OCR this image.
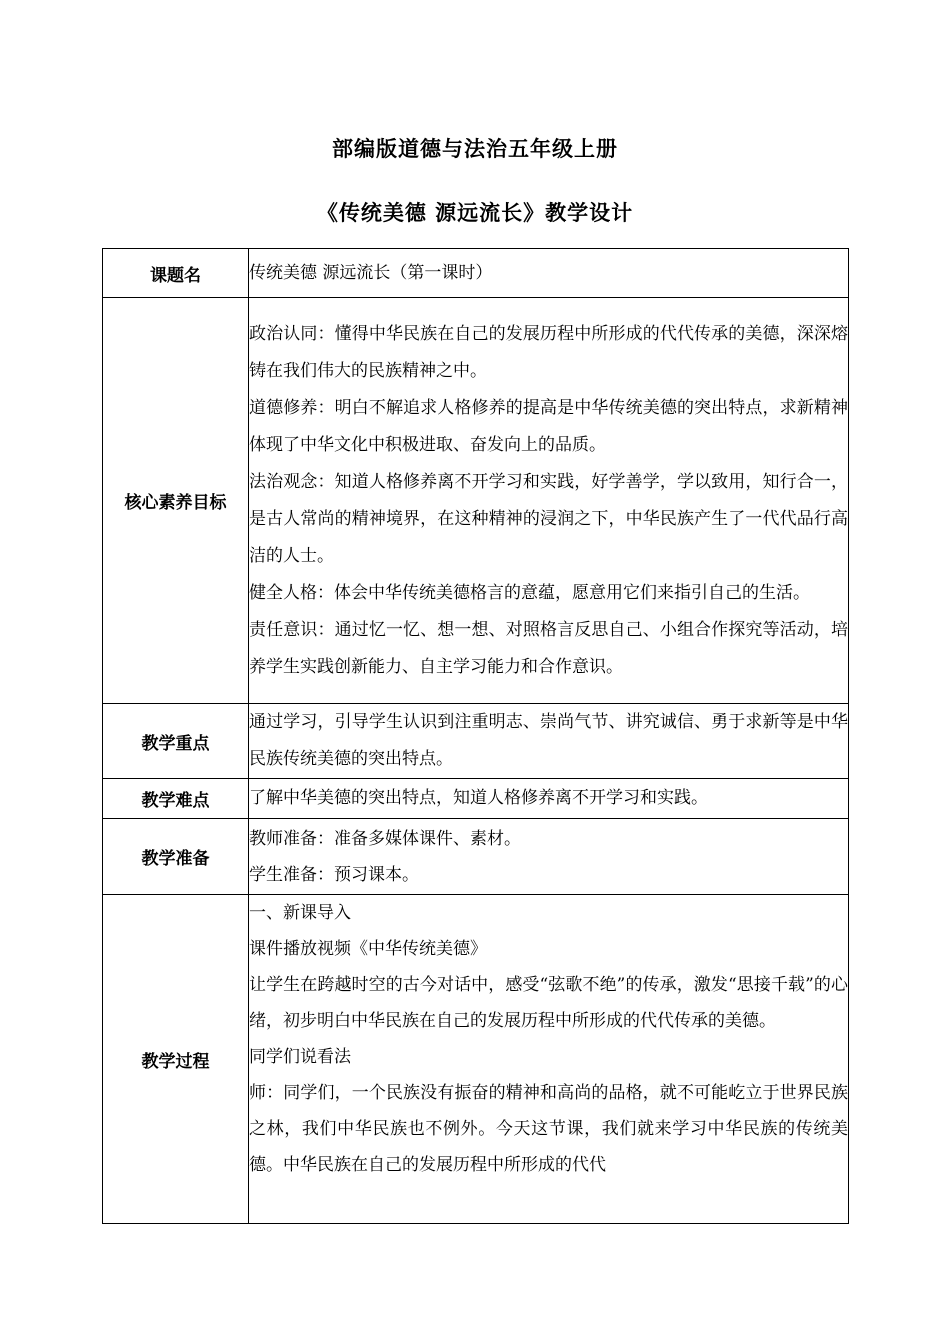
部编版道德与法治五年级上册
《传统美德 源远流长》教学设计
课题名	传统美德 源远流长（第一课时）

核心素养目标	政治认同：懂得中华民族在自己的发展历程中所形成的代代传承的美德，深深熔铸在我们伟大的民族精神之中。

道德修养：明白不解追求人格修养的提高是中华传统美德的突出特点，求新精神体现了中华文化中积极进取、奋发向上的品质。

法治观念：知道人格修养离不开学习和实践，好学善学，学以致用，知行合一，是古人常尚的精神境界，在这种精神的浸润之下，中华民族产生了一代代品行高洁的人士。

健全人格：体会中华传统美德格言的意蕴，愿意用它们来指引自己的生活。

责任意识：通过忆一忆、想一想、对照格言反思自己、小组合作探究等活动，培养学生实践创新能力、自主学习能力和合作意识。

教学重点	通过学习，引导学生认识到注重明志、崇尚气节、讲究诚信、勇于求新等是中华民族传统美德的突出特点。

教学难点	了解中华美德的突出特点，知道人格修养离不开学习和实践。

教学准备	教师准备：准备多媒体课件、素材。

学生准备：预习课本。

教学过程	一、新课导入

课件播放视频《中华传统美德》

让学生在跨越时空的古今对话中，感受“弦歌不绝”的传承，激发“思接千载”的心绪，初步明白中华民族在自己的发展历程中所形成的代代传承的美德。

同学们说看法

师：同学们，一个民族没有振奋的精神和高尚的品格，就不可能屹立于世界民族之林，我们中华民族也不例外。今天这节课，我们就来学习中华民族的传统美德。中华民族在自己的发展历程中所形成的代代
